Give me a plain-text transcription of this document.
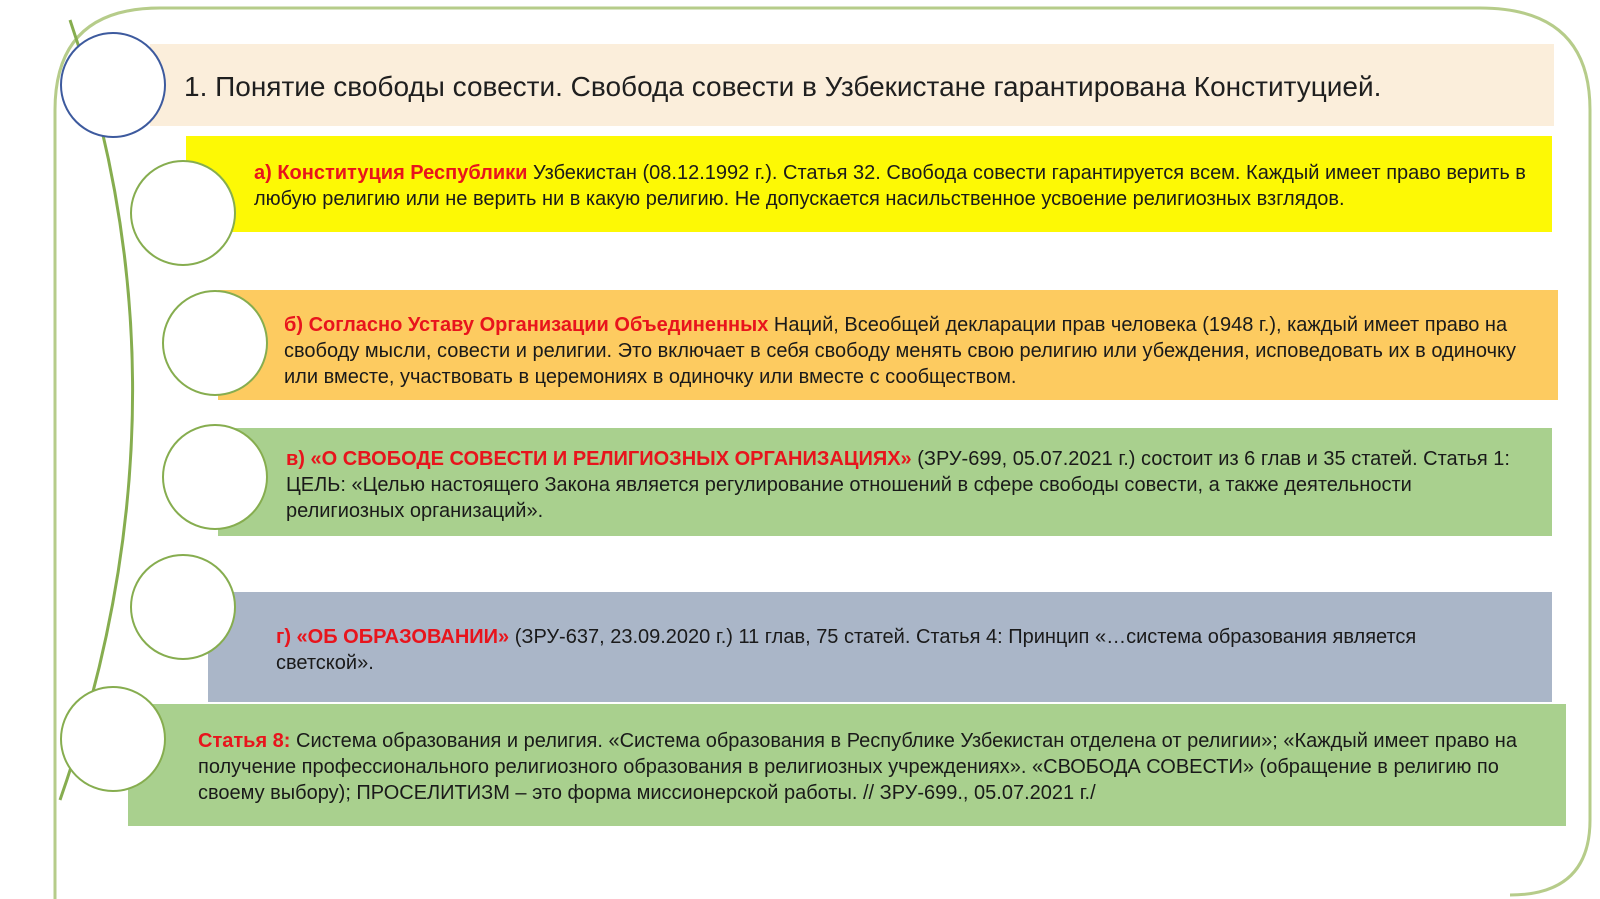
1. Понятие свободы совести. Свобода совести в Узбекистане гарантирована Конституцией.

а) Конституция Республики Узбекистан (08.12.1992 г.). Статья 32. Свобода совести гарантируется всем. Каждый имеет право верить в любую религию или не верить ни в какую религию. Не допускается насильственное усвоение религиозных взглядов.

б) Согласно Уставу Организации Объединенных Наций, Всеобщей декларации прав человека (1948 г.), каждый имеет право на свободу мысли, совести и религии. Это включает в себя свободу менять свою религию или убеждения, исповедовать их в одиночку или вместе, участвовать в церемониях в одиночку или вместе с сообществом.

в) «О СВОБОДЕ СОВЕСТИ И РЕЛИГИОЗНЫХ ОРГАНИЗАЦИЯХ» (ЗРУ-699, 05.07.2021 г.) состоит из 6 глав и 35 статей. Статья 1: ЦЕЛЬ: «Целью настоящего Закона является регулирование отношений в сфере свободы совести, а также деятельности религиозных организаций».

г) «ОБ ОБРАЗОВАНИИ» (ЗРУ-637, 23.09.2020 г.) 11 глав, 75 статей. Статья 4: Принцип «…система образования является светской».

Статья 8: Система образования и религия. «Система образования в Республике Узбекистан отделена от религии»; «Каждый имеет право на получение профессионального религиозного образования в религиозных учреждениях». «СВОБОДА СОВЕСТИ» (обращение в религию по своему выбору); ПРОСЕЛИТИЗМ – это форма миссионерской работы. // ЗРУ-699., 05.07.2021 г./
